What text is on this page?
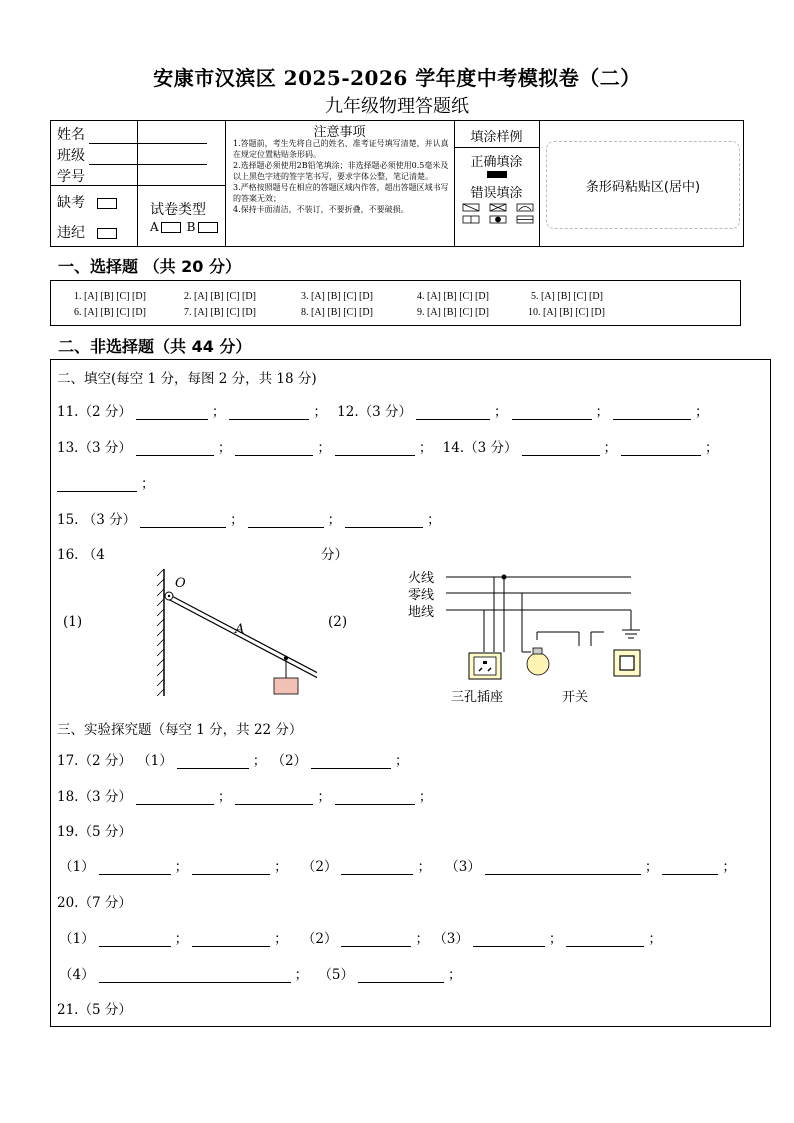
安康市汉滨区 2025-2026 学年度中考模拟卷（二）
九年级物理答题纸
姓名
班级
学号
缺考
违纪
试卷类型
A B
注意事项
1.答题前，考生先将自己的姓名、准考证号填写清楚，并认真在规定位置粘贴条形码。
2.选择题必须使用2B铅笔填涂；非选择题必须使用0.5毫米及以上黑色字迹的签字笔书写，要求字体公整，笔记清楚。
3.严格按照题号在相应的答题区域内作答，超出答题区域书写的答案无效；
4.保持卡面清洁，不装订，不要折叠，不要破损。
填涂样例
正确填涂
错误填涂	条形码粘贴区(居中)
一、选择题 （共 20 分）
1. [A] [B] [C] [D]	2. [A] [B] [C] [D]	3. [A] [B] [C] [D]	4. [A] [B] [C] [D]	5. [A] [B] [C] [D]
6. [A] [B] [C] [D]	7. [A] [B] [C] [D]	8. [A] [B] [C] [D]	9. [A] [B] [C] [D]	10. [A] [B] [C] [D]
二、非选择题（共 44 分）
二、填空(每空 1 分，每图 2 分，共 18 分)
11.（2 分）	；	； 12.（3 分）	；	；	；
13.（3 分）	；	；	； 14.（3 分）	；	；
；
15. （3 分）	；	；	；
16. （4	分）
(1)	(2)
O
A
火线
零线
地线
三孔插座	开关
三、实验探究题（每空 1 分，共 22 分）
17.（2 分） （1）	； （2）	；
18.（3 分）	；	；	；
19.（5 分）
（1）	；	； （2）	； （3）	；	；
20.（7 分）
（1）	；	； （2）	； （3）	；	；
（4）	； （5）	；
21.（5 分）
